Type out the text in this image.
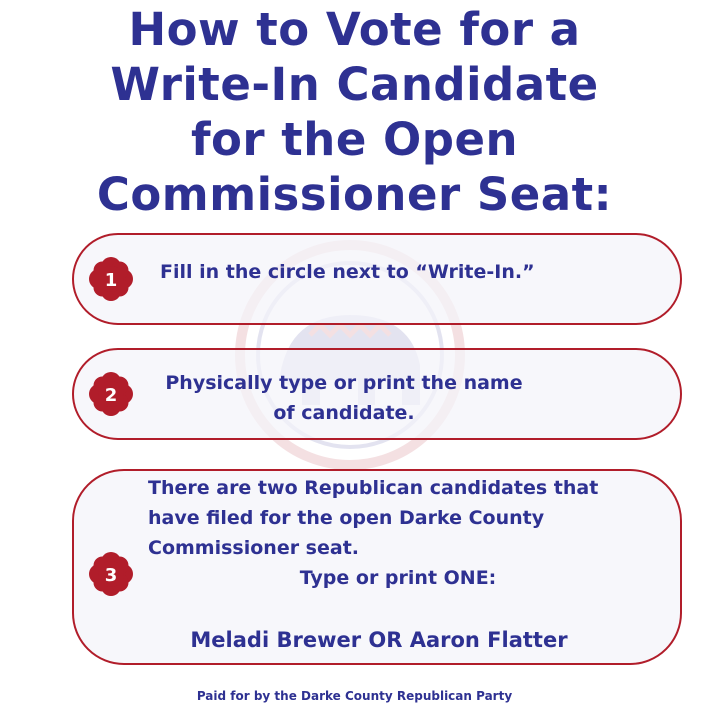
How to Vote for a
Write-In Candidate
for the Open
Commissioner Seat:
1 Fill in the circle next to “Write-In.”

2

Physically type or print the name
of candidate.

3

There are two Republican candidates that
have filed for the open Darke County
Commissioner seat.
Type or print ONE:

Meladi Brewer OR Aaron Flatter

Paid for by the Darke County Republican Party
